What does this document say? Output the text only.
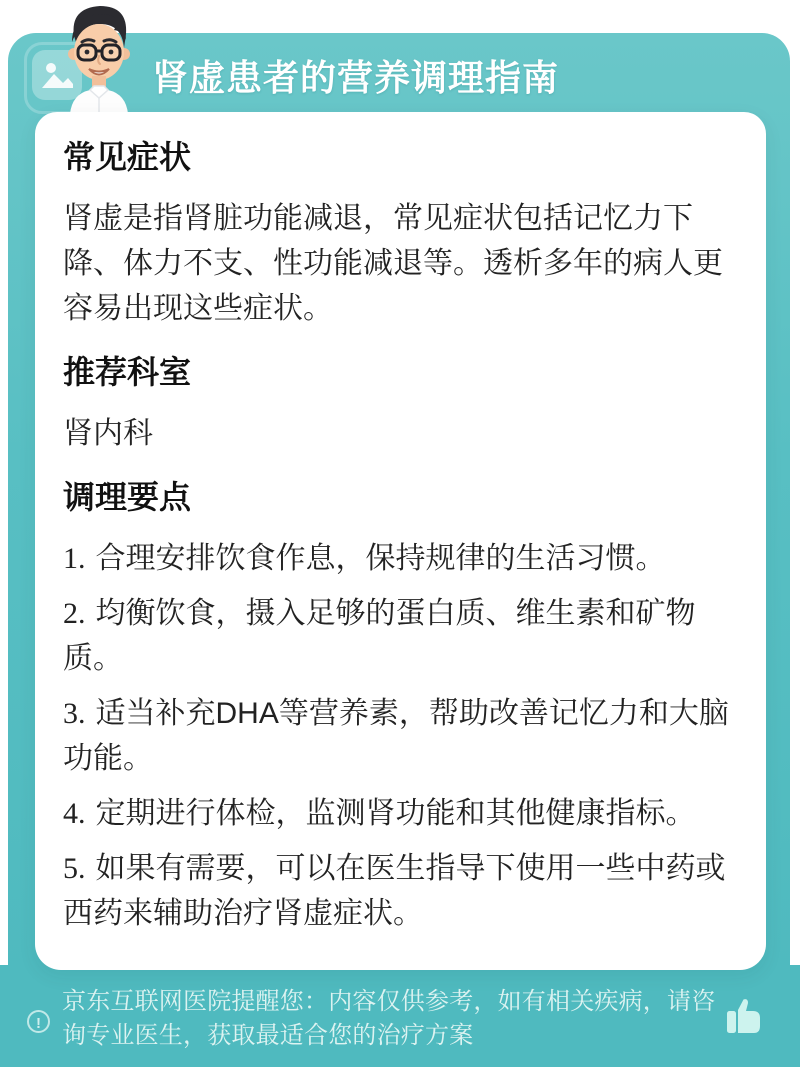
肾虚患者的营养调理指南
常见症状

肾虚是指肾脏功能减退，常见症状包括记忆力下降、体力不支、性功能减退等。透析多年的病人更容易出现这些症状。

推荐科室

肾内科

调理要点
1. 合理安排饮食作息，保持规律的生活习惯。
2. 均衡饮食，摄入足够的蛋白质、维生素和矿物质。
3. 适当补充DHA等营养素，帮助改善记忆力和大脑功能。
4. 定期进行体检，监测肾功能和其他健康指标。
5. 如果有需要，可以在医生指导下使用一些中药或西药来辅助治疗肾虚症状。
!
京东互联网医院提醒您：内容仅供参考，如有相关疾病，请咨询专业医生，获取最适合您的治疗方案
